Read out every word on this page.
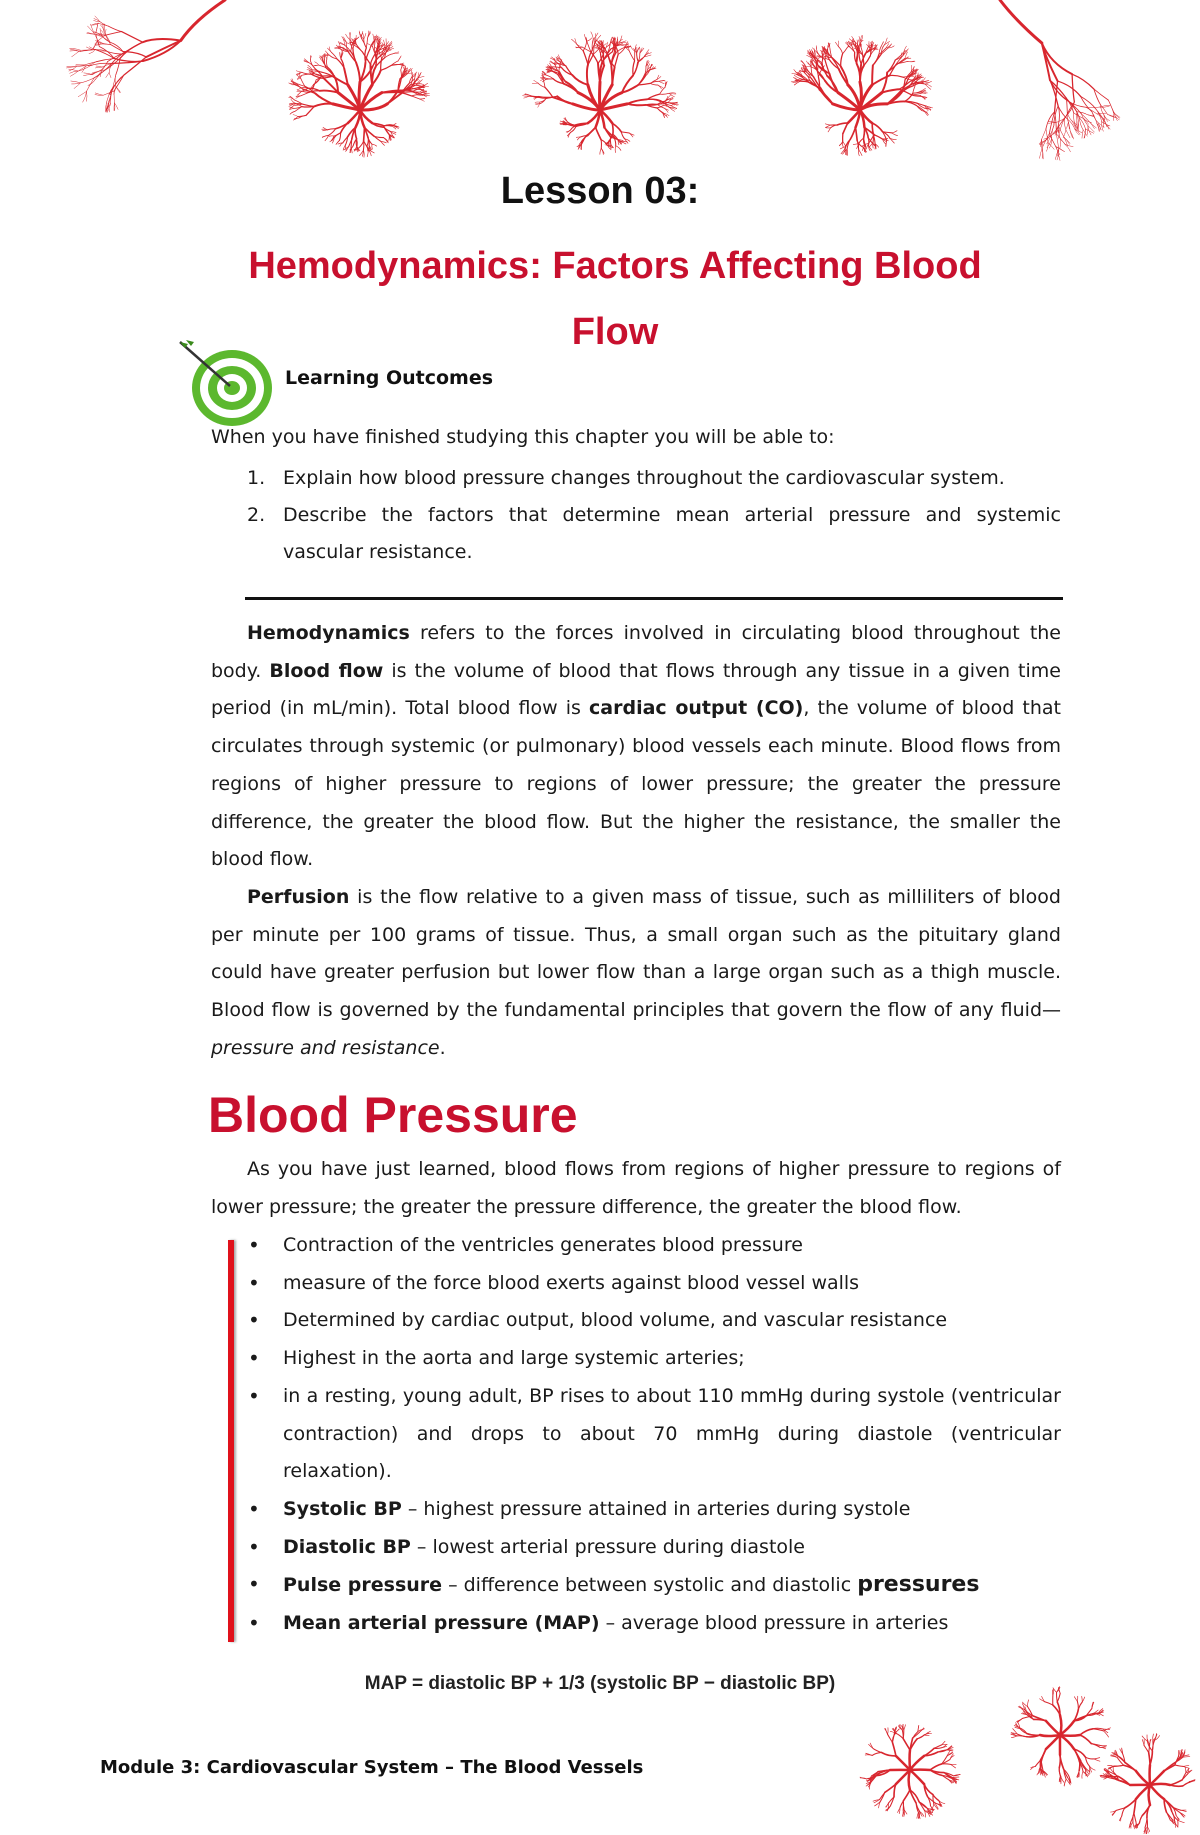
Lesson 03:
Hemodynamics: Factors Affecting Blood Flow
Learning Outcomes
When you have finished studying this chapter you will be able to:
1. Explain how blood pressure changes throughout the cardiovascular system.
2. Describe the factors that determine mean arterial pressure and systemic vascular resistance.

Hemodynamics refers to the forces involved in circulating blood throughout the body. Blood flow is the volume of blood that flows through any tissue in a given time period (in mL/min). Total blood flow is cardiac output (CO), the volume of blood that circulates through systemic (or pulmonary) blood vessels each minute. Blood flows from regions of higher pressure to regions of lower pressure; the greater the pressure difference, the greater the blood flow. But the higher the resistance, the smaller the blood flow.

Perfusion is the flow relative to a given mass of tissue, such as milliliters of blood per minute per 100 grams of tissue. Thus, a small organ such as the pituitary gland could have greater perfusion but lower flow than a large organ such as a thigh muscle. Blood flow is governed by the fundamental principles that govern the flow of any fluid—pressure and resistance.

Blood Pressure

As you have just learned, blood flows from regions of higher pressure to regions of lower pressure; the greater the pressure difference, the greater the blood flow.

• Contraction of the ventricles generates blood pressure
• measure of the force blood exerts against blood vessel walls
• Determined by cardiac output, blood volume, and vascular resistance
• Highest in the aorta and large systemic arteries;
• in a resting, young adult, BP rises to about 110 mmHg during systole (ventricular contraction) and drops to about 70 mmHg during diastole (ventricular relaxation).
• Systolic BP – highest pressure attained in arteries during systole
• Diastolic BP – lowest arterial pressure during diastole
• Pulse pressure – difference between systolic and diastolic pressures
• Mean arterial pressure (MAP) – average blood pressure in arteries
MAP = diastolic BP + 1/3 (systolic BP − diastolic BP)
Module 3: Cardiovascular System – The Blood Vessels
